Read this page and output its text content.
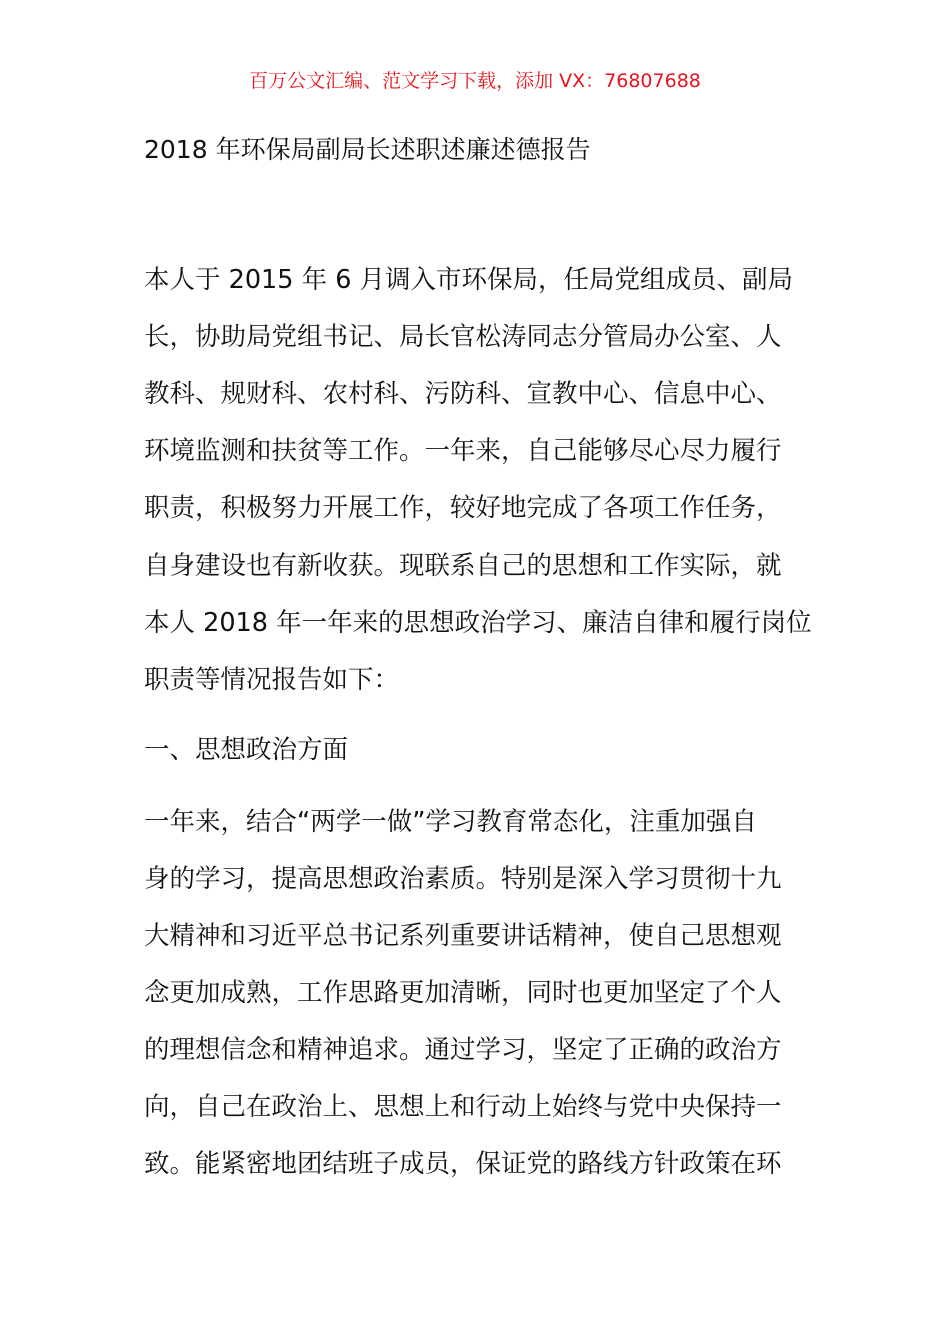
百万公文汇编、范文学习下载，添加 VX：76807688
2018 年环保局副局长述职述廉述德报告
本人于 2015 年 6 月调入市环保局，任局党组成员、副局
长，协助局党组书记、局长官松涛同志分管局办公室、人
教科、规财科、农村科、污防科、宣教中心、信息中心、
环境监测和扶贫等工作。一年来，自己能够尽心尽力履行
职责，积极努力开展工作，较好地完成了各项工作任务，
自身建设也有新收获。现联系自己的思想和工作实际，就
本人 2018 年一年来的思想政治学习、廉洁自律和履行岗位
职责等情况报告如下：
一、思想政治方面
一年来，结合“两学一做”学习教育常态化，注重加强自
身的学习，提高思想政治素质。特别是深入学习贯彻十九
大精神和习近平总书记系列重要讲话精神，使自己思想观
念更加成熟，工作思路更加清晰，同时也更加坚定了个人
的理想信念和精神追求。通过学习，坚定了正确的政治方
向，自己在政治上、思想上和行动上始终与党中央保持一
致。能紧密地团结班子成员，保证党的路线方针政策在环
